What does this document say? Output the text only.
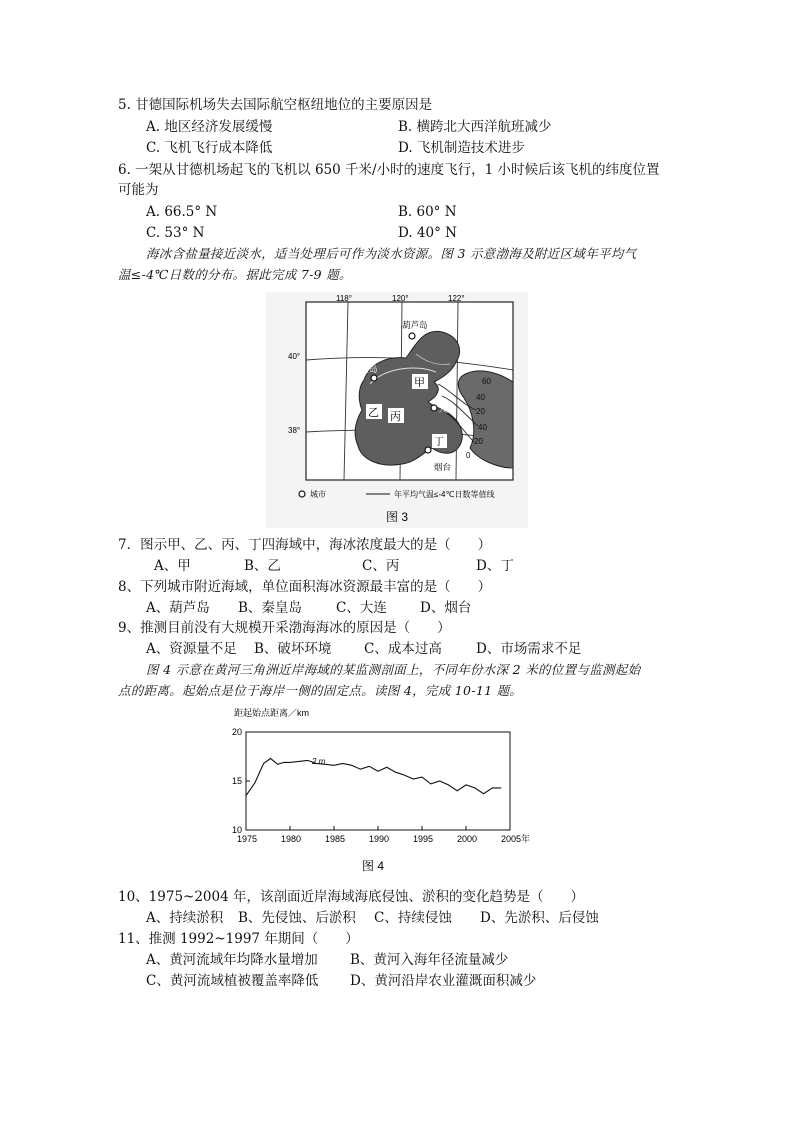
5. 甘德国际机场失去国际航空枢纽地位的主要原因是
A. 地区经济发展缓慢	B. 横跨北大西洋航班减少
C. 飞机飞行成本降低	D. 飞机制造技术进步
6. 一架从甘德机场起飞的飞机以 650 千米/小时的速度飞行，1 小时候后该飞机的纬度位置
可能为
A. 66.5° N	B. 60° N
C. 53° N	D. 40° N
海冰含盐量接近淡水，适当处理后可作为淡水资源。图 3 示意渤海及附近区域年平均气
温≤-4℃日数的分布。据此完成 7-9 题。
60
40
20
40
20
0
118°	120°	122°
40°
38°
葫芦岛
秦皇岛
大连
烟台
甲
乙 丙
丁
城市	年平均气温≤-4℃日数等值线
图 3
7．图示甲、乙、丙、丁四海域中，海冰浓度最大的是（　　）
A、甲	B、乙	C、丙	D、丁
8、下列城市附近海域，单位面积海冰资源最丰富的是（　　）
A、葫芦岛 B、秦皇岛	C、大连 D、烟台
9、推测目前没有大规模开采渤海海冰的原因是（　　）
A、资源量不足 B、破坏环境 C、成本过高	D、市场需求不足
图 4 示意在黄河三角洲近岸海域的某监测剖面上，不同年份水深 2 米的位置与监测起始
点的距离。起始点是位于海岸一侧的固定点。读图 4，完成 10-11 题。
距起始点距离／km
1975	1980	1985	1990	1995	2000	2005年
20
15
10
2 m
图 4
10、1975~2004 年，该剖面近岸海域海底侵蚀、淤积的变化趋势是（　　）
A、持续淤积 B、先侵蚀、后淤积 C、持续侵蚀 D、先淤积、后侵蚀
11、推测 1992~1997 年期间（　　）
A、黄河流域年均降水量增加 B、黄河入海年径流量减少
C、黄河流域植被覆盖率降低 D、黄河沿岸农业灌溉面积减少
